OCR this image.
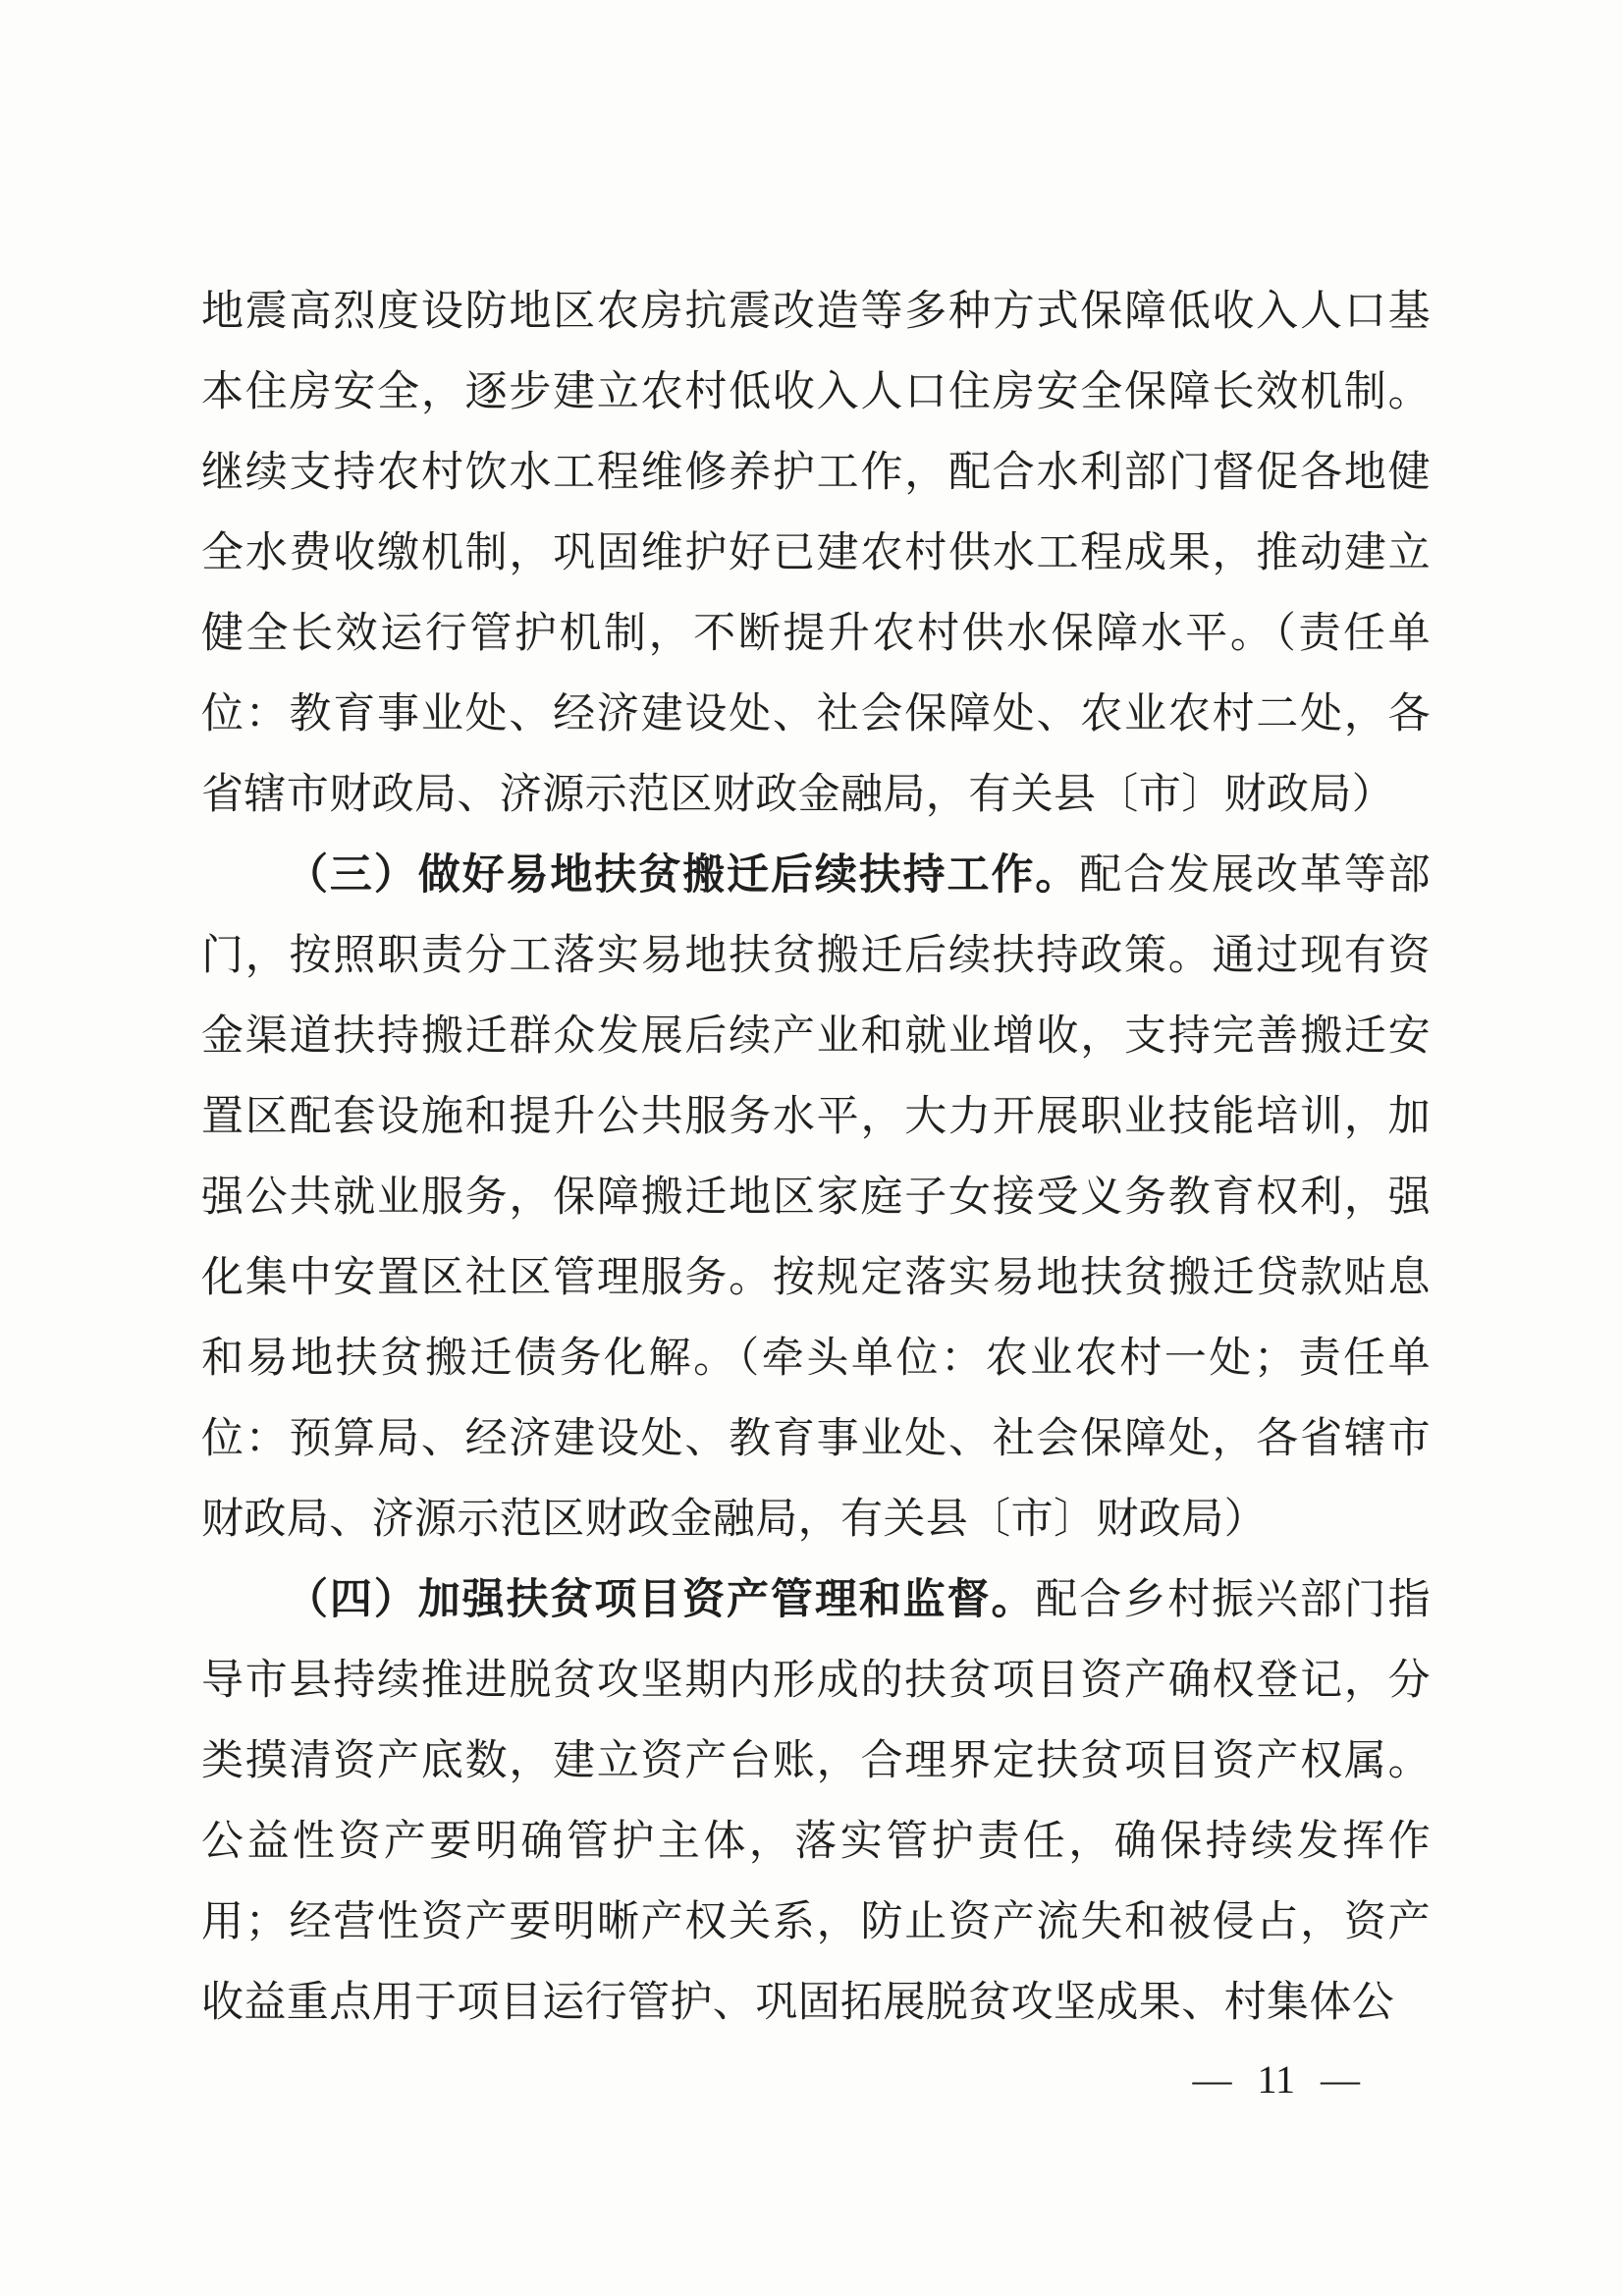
地震高烈度设防地区农房抗震改造等多种方式保障低收入人口基本住房安全，逐步建立农村低收入人口住房安全保障长效机制。继续支持农村饮水工程维修养护工作，配合水利部门督促各地健全水费收缴机制，巩固维护好已建农村供水工程成果，推动建立健全长效运行管护机制，不断提升农村供水保障水平。（责任单位：教育事业处、经济建设处、社会保障处、农业农村二处，各省辖市财政局、济源示范区财政金融局，有关县〔市〕财政局）

（三）做好易地扶贫搬迁后续扶持工作。配合发展改革等部门，按照职责分工落实易地扶贫搬迁后续扶持政策。通过现有资金渠道扶持搬迁群众发展后续产业和就业增收，支持完善搬迁安置区配套设施和提升公共服务水平，大力开展职业技能培训，加强公共就业服务，保障搬迁地区家庭子女接受义务教育权利，强化集中安置区社区管理服务。按规定落实易地扶贫搬迁贷款贴息和易地扶贫搬迁债务化解。（牵头单位：农业农村一处；责任单位：预算局、经济建设处、教育事业处、社会保障处，各省辖市财政局、济源示范区财政金融局，有关县〔市〕财政局）

（四）加强扶贫项目资产管理和监督。配合乡村振兴部门指导市县持续推进脱贫攻坚期内形成的扶贫项目资产确权登记，分类摸清资产底数，建立资产台账，合理界定扶贫项目资产权属。公益性资产要明确管护主体，落实管护责任，确保持续发挥作用；经营性资产要明晰产权关系，防止资产流失和被侵占，资产收益重点用于项目运行管护、巩固拓展脱贫攻坚成果、村集体公

— 11 —
